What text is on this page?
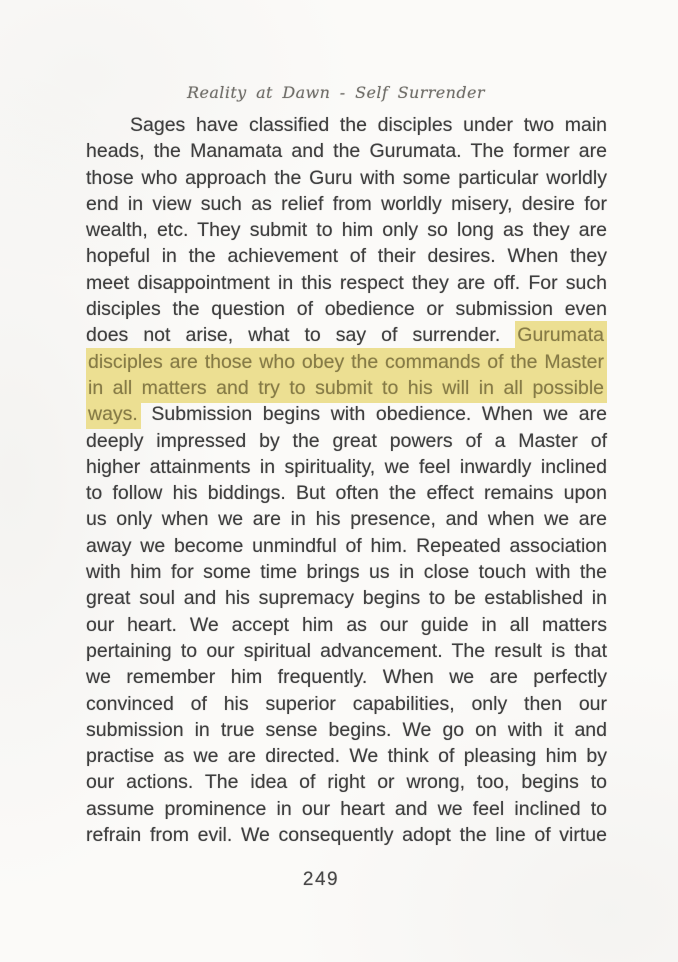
Reality at Dawn - Self Surrender
Sages have classified the disciples under two main
heads, the Manamata and the Gurumata. The former are
those who approach the Guru with some particular worldly
end in view such as relief from worldly misery, desire for
wealth, etc. They submit to him only so long as they are
hopeful in the achievement of their desires. When they
meet disappointment in this respect they are off. For such
disciples the question of obedience or submission even
does not arise, what to say of surrender. Gurumata
disciples are those who obey the commands of the Master
in all matters and try to submit to his will in all possible
ways. Submission begins with obedience. When we are
deeply impressed by the great powers of a Master of
higher attainments in spirituality, we feel inwardly inclined
to follow his biddings. But often the effect remains upon
us only when we are in his presence, and when we are
away we become unmindful of him. Repeated association
with him for some time brings us in close touch with the
great soul and his supremacy begins to be established in
our heart. We accept him as our guide in all matters
pertaining to our spiritual advancement. The result is that
we remember him frequently. When we are perfectly
convinced of his superior capabilities, only then our
submission in true sense begins. We go on with it and
practise as we are directed. We think of pleasing him by
our actions. The idea of right or wrong, too, begins to
assume prominence in our heart and we feel inclined to
refrain from evil. We consequently adopt the line of virtue
249
